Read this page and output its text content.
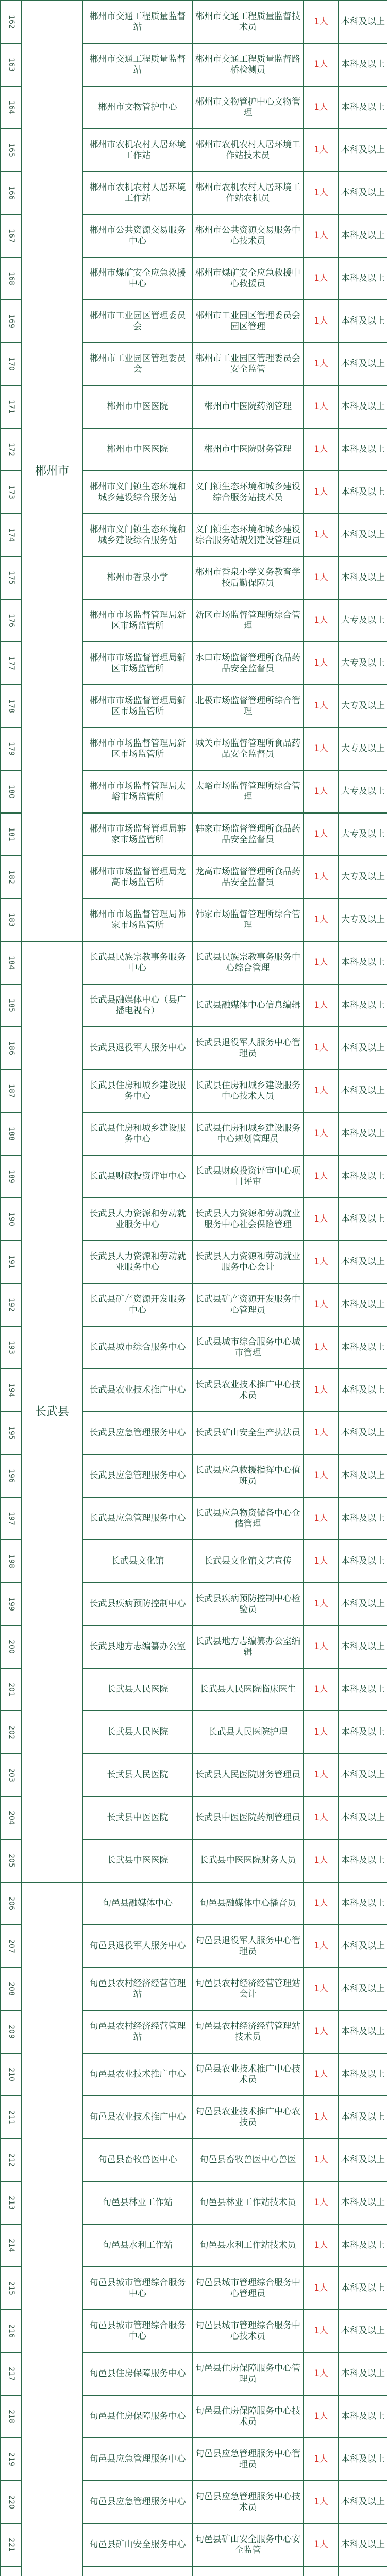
162	郴州市	郴州市交通工程质量监督站	郴州市交通工程质量监督技术员	1人	本科及以上
163		郴州市交通工程质量监督站	郴州市交通工程质量监督路桥检测员	1人	本科及以上
164		郴州市文物管护中心	郴州市文物管护中心文物管理	1人	本科及以上
165		郴州市农机农村人居环境工作站	郴州市农机农村人居环境工作站技术员	1人	本科及以上
166		郴州市农机农村人居环境工作站	郴州市农机农村人居环境工作站农机员	1人	本科及以上
167		郴州市公共资源交易服务中心	郴州市公共资源交易服务中心技术员	1人	本科及以上
168		郴州市煤矿安全应急救援中心	郴州市煤矿安全应急救援中心救援员	1人	本科及以上
169		郴州市工业园区管理委员会	郴州市工业园区管理委员会园区管理	1人	本科及以上
170		郴州市工业园区管理委员会	郴州市工业园区管理委员会安全监管	1人	本科及以上
171		郴州市中医医院	郴州市中医院药剂管理	1人	本科及以上
172		郴州市中医医院	郴州市中医院财务管理	1人	本科及以上
173		郴州市义门镇生态环境和城乡建设综合服务站	义门镇生态环境和城乡建设综合服务站技术员	1人	本科及以上
174		郴州市义门镇生态环境和城乡建设综合服务站	义门镇生态环境和城乡建设综合服务站规划建设管理员	1人	本科及以上
175		郴州市香泉小学	郴州市香泉小学义务教育学校后勤保障员	1人	本科及以上
176		郴州市市场监督管理局新区市场监管所	新区市场监督管理所综合管理	1人	大专及以上
177		郴州市市场监督管理局新区市场监管所	水口市场监督管理所食品药品安全监督员	1人	大专及以上
178		郴州市市场监督管理局新区市场监管所	北极市场监督管理所综合管理	1人	大专及以上
179		郴州市市场监督管理局新区市场监管所	城关市场监督管理所食品药品安全监督员	1人	大专及以上
180		郴州市市场监督管理局太峪市场监管所	太峪市场监督管理所综合管理	1人	大专及以上
181		郴州市市场监督管理局韩家市场监管所	韩家市场监督管理所食品药品安全监督员	1人	大专及以上
182		郴州市市场监督管理局龙高市场监管所	龙高市场监督管理所食品药品安全监督员	1人	大专及以上
183		郴州市市场监督管理局韩家市场监管所	韩家市场监督管理所综合管理	1人	大专及以上
184	长武县	长武县民族宗教事务服务中心	长武县民族宗教事务服务中心综合管理	1人	本科及以上
185		长武县融媒体中心（县广播电视台）	长武县融媒体中心信息编辑	1人	本科及以上
186		长武县退役军人服务中心	长武县退役军人服务中心管理员	1人	本科及以上
187		长武县住房和城乡建设服务中心	长武县住房和城乡建设服务中心技术人员	1人	本科及以上
188		长武县住房和城乡建设服务中心	长武县住房和城乡建设服务中心规划管理员	1人	本科及以上
189		长武县财政投资评审中心	长武县财政投资评审中心项目评审	1人	本科及以上
190		长武县人力资源和劳动就业服务中心	长武县人力资源和劳动就业服务中心社会保险管理	1人	本科及以上
191		长武县人力资源和劳动就业服务中心	长武县人力资源和劳动就业服务中心会计	1人	本科及以上
192		长武县矿产资源开发服务中心	长武县矿产资源开发服务中心管理员	1人	本科及以上
193		长武县城市综合服务中心	长武县城市综合服务中心城市管理	1人	本科及以上
194		长武县农业技术推广中心	长武县农业技术推广中心技术员	1人	本科及以上
195		长武县应急管理服务中心	长武县矿山安全生产执法员	1人	本科及以上
196		长武县应急管理服务中心	长武县应急救援指挥中心值班员	1人	本科及以上
197		长武县应急管理服务中心	长武县应急物资储备中心仓储管理	1人	本科及以上
198		长武县文化馆	长武县文化馆文艺宣传	1人	本科及以上
199		长武县疾病预防控制中心	长武县疾病预防控制中心检验员	1人	本科及以上
200		长武县地方志编纂办公室	长武县地方志编纂办公室编辑	1人	本科及以上
201		长武县人民医院	长武县人民医院临床医生	1人	本科及以上
202		长武县人民医院	长武县人民医院护理	1人	本科及以上
203		长武县人民医院	长武县人民医院财务管理员	1人	本科及以上
204		长武县中医医院	长武县中医医院药剂管理员	1人	本科及以上
205		长武县中医医院	长武县中医医院财务人员	1人	本科及以上
206		旬邑县融媒体中心	旬邑县融媒体中心播音员	1人	本科及以上
207		旬邑县退役军人服务中心	旬邑县退役军人服务中心管理员	1人	本科及以上
208		旬邑县农村经济经营管理站	旬邑县农村经济经营管理站会计	1人	本科及以上
209		旬邑县农村经济经营管理站	旬邑县农村经济经营管理站技术员	1人	本科及以上
210		旬邑县农业技术推广中心	旬邑县农业技术推广中心技术员	1人	本科及以上
211		旬邑县农业技术推广中心	旬邑县农业技术推广中心农技员	1人	本科及以上
212		旬邑县畜牧兽医中心	旬邑县畜牧兽医中心兽医	1人	本科及以上
213		旬邑县林业工作站	旬邑县林业工作站技术员	1人	本科及以上
214		旬邑县水利工作站	旬邑县水利工作站技术员	1人	本科及以上
215		旬邑县城市管理综合服务中心	旬邑县城市管理综合服务中心管理员	1人	本科及以上
216		旬邑县城市管理综合服务中心	旬邑县城市管理综合服务中心技术员	1人	本科及以上
217		旬邑县住房保障服务中心	旬邑县住房保障服务中心管理员	1人	本科及以上
218		旬邑县住房保障服务中心	旬邑县住房保障服务中心技术员	1人	本科及以上
219		旬邑县应急管理服务中心	旬邑县应急管理服务中心管理员	1人	本科及以上
220		旬邑县应急管理服务中心	旬邑县应急管理服务中心技术员	1人	本科及以上
221		旬邑县矿山安全服务中心	旬邑县矿山安全服务中心安全监管	1人	本科及以上
